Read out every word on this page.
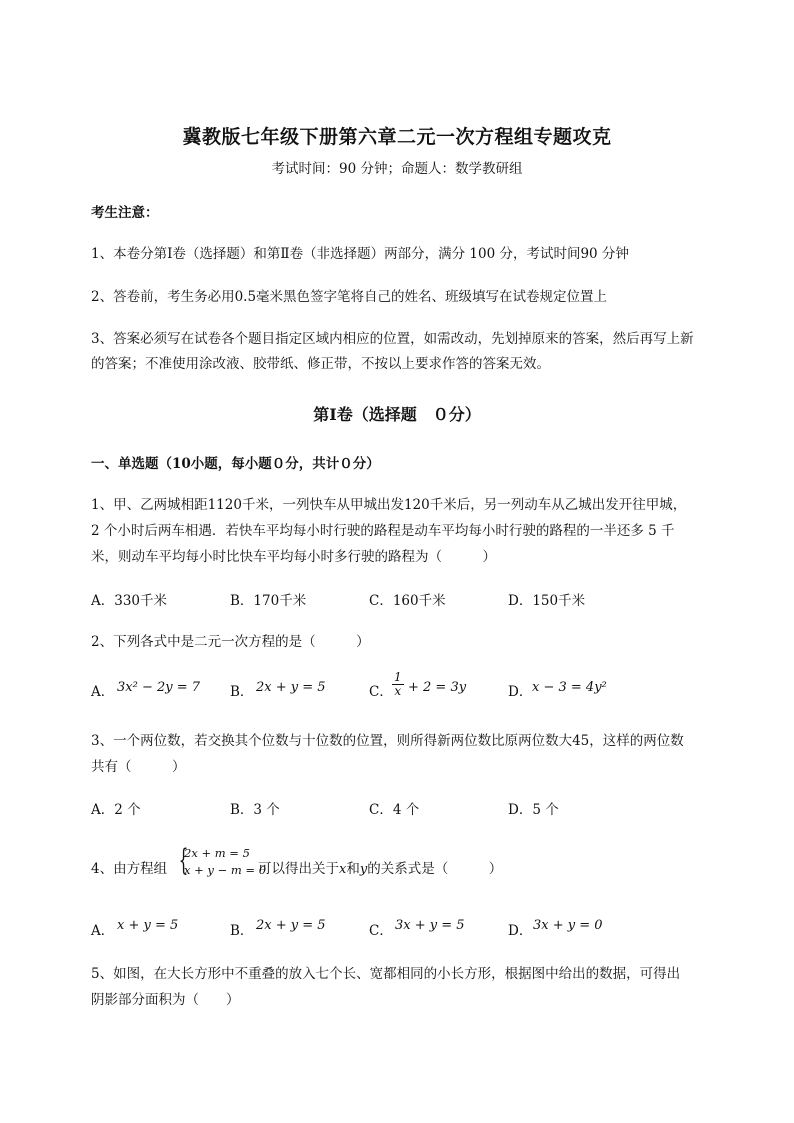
冀教版七年级下册第六章二元一次方程组专题攻克
考试时间：90 分钟；命题人：数学教研组
考生注意：
1、本卷分第Ⅰ卷（选择题）和第Ⅱ卷（非选择题）两部分，满分 100 分，考试时间90 分钟
2、答卷前，考生务必用0.5毫米黑色签字笔将自己的姓名、班级填写在试卷规定位置上
3、答案必须写在试卷各个题目指定区域内相应的位置，如需改动，先划掉原来的答案，然后再写上新
的答案；不准使用涂改液、胶带纸、修正带，不按以上要求作答的答案无效。
第Ⅰ卷（选择题　０分）
一、单选题（10小题，每小题０分，共计０分）
1、甲、乙两城相距1120千米，一列快车从甲城出发120千米后，另一列动车从乙城出发开往甲城，
2 个小时后两车相遇．若快车平均每小时行驶的路程是动车平均每小时行驶的路程的一半还多 5 千
米，则动车平均每小时比快车平均每小时多行驶的路程为（　　　）
A．330千米	B．170千米	C．160千米	D．150千米
2、下列各式中是二元一次方程的是（　　　）
A． 3x² − 2y = 7 B． 2x + y = 5	C． $\frac{1}{x} + 2 = 3y$	D． x − 3 = 4y²
3、一个两位数，若交换其个位数与十位数的位置，则所得新两位数比原两位数大45，这样的两位数
共有（　　　）
A．2 个	B．3 个	C．4 个	D．5 个
4、由方程组 {
2x + m = 5
x + y − m = 0
可以得出关于x和y的关系式是（　　　）
A． x + y = 5	B． 2x + y = 5	C． 3x + y = 5	D． 3x + y = 0
5、如图，在大长方形中不重叠的放入七个长、宽都相同的小长方形，根据图中给出的数据，可得出
阴影部分面积为（　　）
